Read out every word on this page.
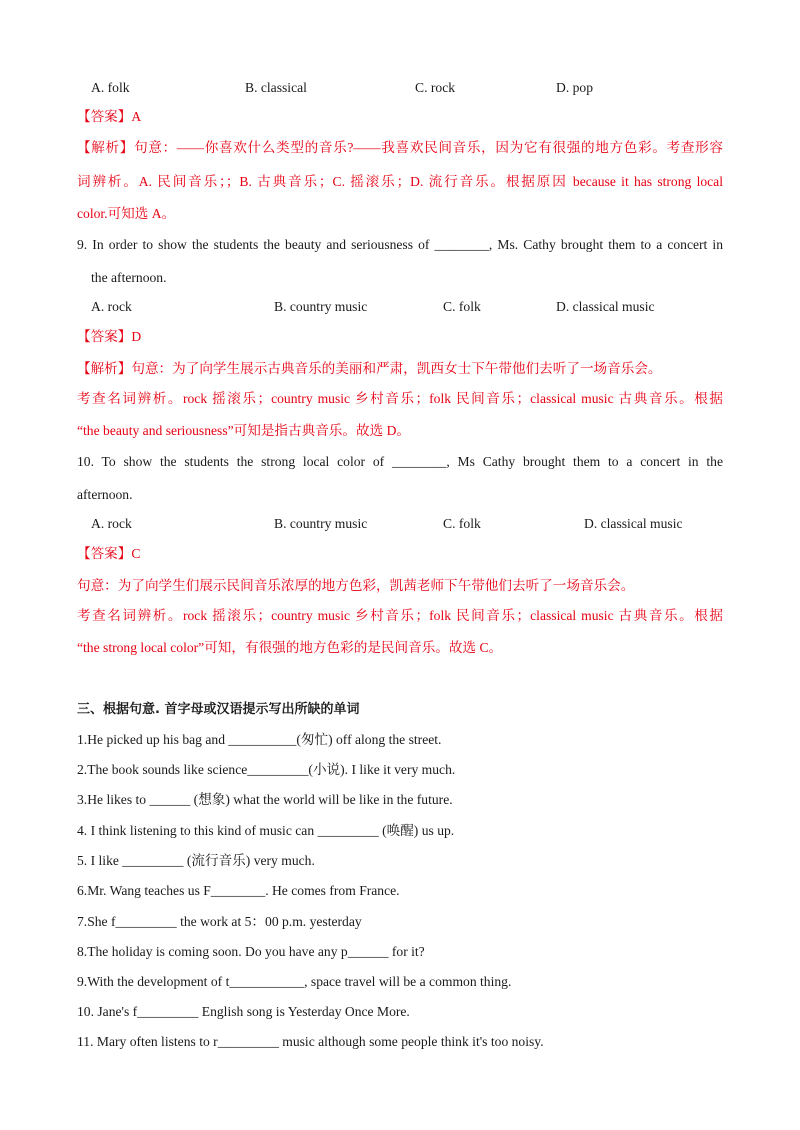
A. folk	B. classical	C. rock	D. pop
【答案】A
【解析】句意：——你喜欢什么类型的音乐?——我喜欢民间音乐，因为它有很强的地方色彩。考查形容
词辨析。A. 民间音乐；；B. 古典音乐；C. 摇滚乐；D. 流行音乐。根据原因 because it has strong local
color.可知选 A。
9. In order to show the students the beauty and seriousness of ________, Ms. Cathy brought them to a concert in
the afternoon.
A. rock	B. country music	C. folk	D. classical music
【答案】D
【解析】句意：为了向学生展示古典音乐的美丽和严肃，凯西女士下午带他们去听了一场音乐会。
考查名词辨析。rock 摇滚乐；country music 乡村音乐；folk 民间音乐；classical music 古典音乐。根据
“the beauty and seriousness”可知是指古典音乐。故选 D。
10. To show the students the strong local color of ________, Ms Cathy brought them to a concert in the
afternoon.
A. rock	B. country music	C. folk	D. classical music
【答案】C
句意：为了向学生们展示民间音乐浓厚的地方色彩，凯茜老师下午带他们去听了一场音乐会。
考查名词辨析。rock 摇滚乐；country music 乡村音乐；folk 民间音乐；classical music 古典音乐。根据
“the strong local color”可知，有很强的地方色彩的是民间音乐。故选 C。
三、根据句意. 首字母或汉语提示写出所缺的单词
1.He picked up his bag and __________(匆忙) off along the street.
2.The book sounds like science_________(小说). I like it very much.
3.He likes to ______ (想象) what the world will be like in the future.
4. I think listening to this kind of music can _________ (唤醒) us up.
5. I like _________ (流行音乐) very much.
6.Mr. Wang teaches us F________. He comes from France.
7.She f_________ the work at 5：00 p.m. yesterday
8.The holiday is coming soon. Do you have any p______ for it?
9.With the development of t___________, space travel will be a common thing.
10. Jane's f_________ English song is Yesterday Once More.
11. Mary often listens to r_________ music although some people think it's too noisy.
